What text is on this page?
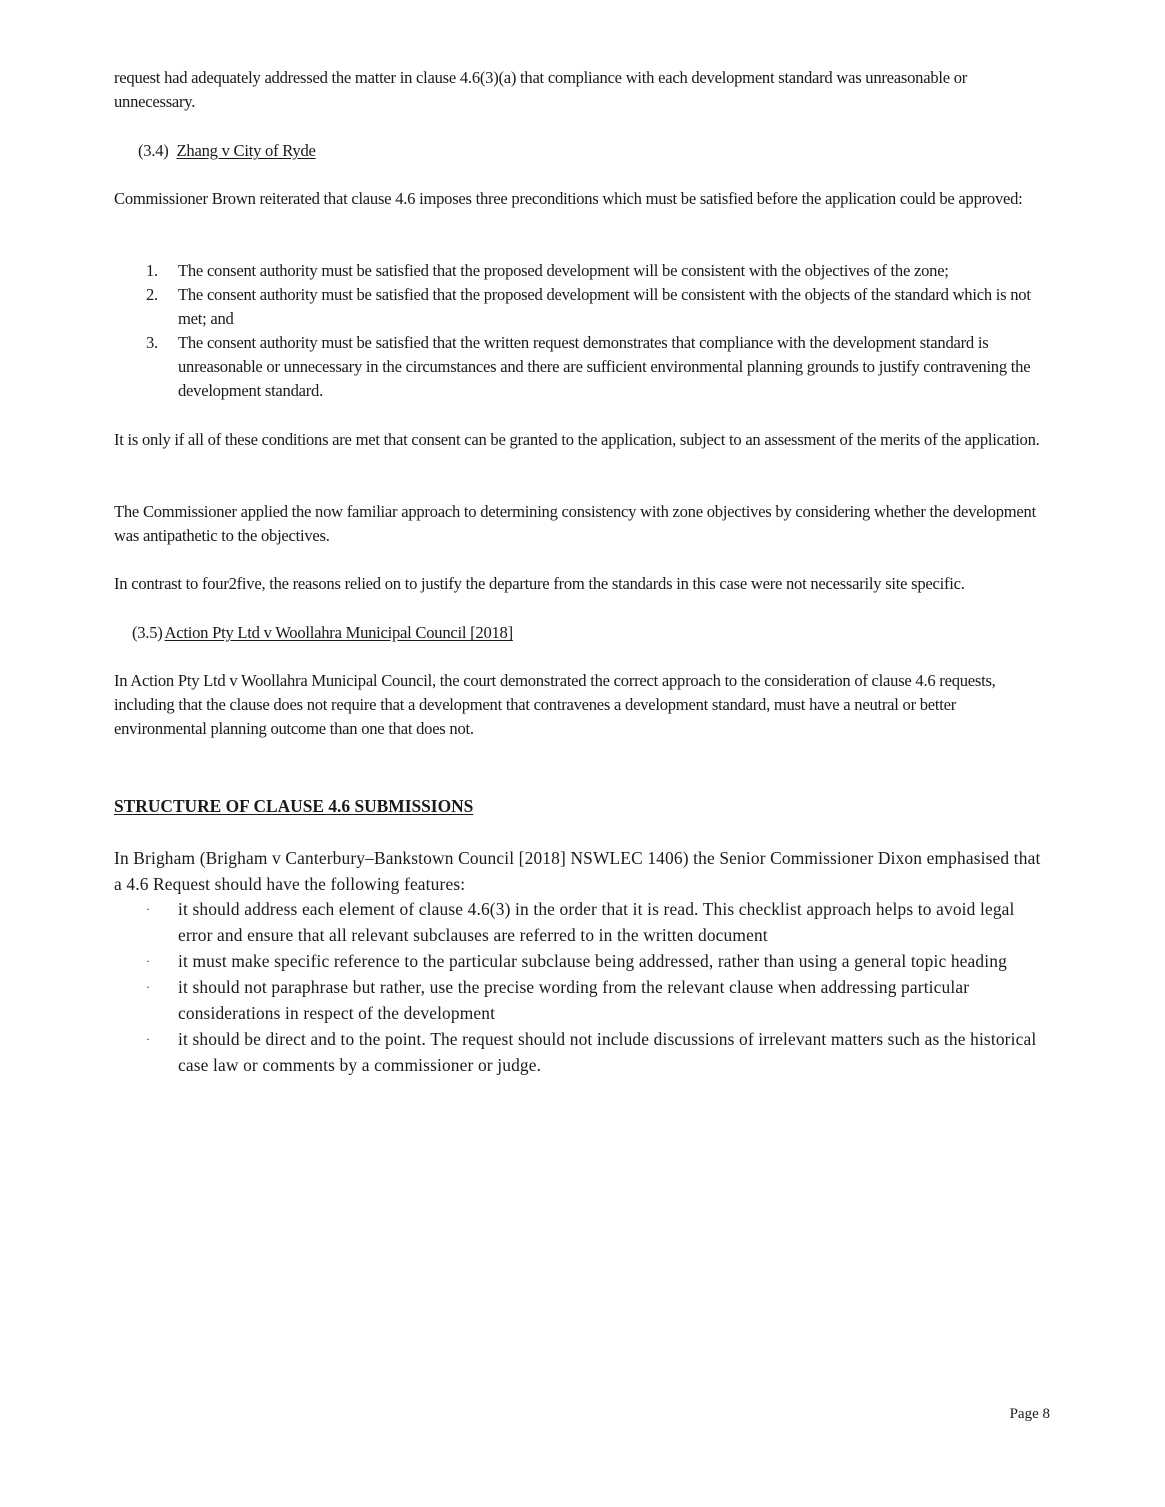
request had adequately addressed the matter in clause 4.6(3)(a) that compliance with each development standard was unreasonable or unnecessary.

(3.4) Zhang v City of Ryde

Commissioner Brown reiterated that clause 4.6 imposes three preconditions which must be satisfied before the application could be approved:

1. The consent authority must be satisfied that the proposed development will be consistent with the objectives of the zone;
2. The consent authority must be satisfied that the proposed development will be consistent with the objects of the standard which is not met; and
3. The consent authority must be satisfied that the written request demonstrates that compliance with the development standard is unreasonable or unnecessary in the circumstances and there are sufficient environmental planning grounds to justify contravening the development standard.

It is only if all of these conditions are met that consent can be granted to the application, subject to an assessment of the merits of the application.

The Commissioner applied the now familiar approach to determining consistency with zone objectives by considering whether the development was antipathetic to the objectives.

In contrast to four2five, the reasons relied on to justify the departure from the standards in this case were not necessarily site specific.

(3.5) Action Pty Ltd v Woollahra Municipal Council [2018]

In Action Pty Ltd v Woollahra Municipal Council, the court demonstrated the correct approach to the consideration of clause 4.6 requests, including that the clause does not require that a development that contravenes a development standard, must have a neutral or better environmental planning outcome than one that does not.

STRUCTURE OF CLAUSE 4.6 SUBMISSIONS

In Brigham (Brigham v Canterbury–Bankstown Council [2018] NSWLEC 1406) the Senior Commissioner Dixon emphasised that a 4.6 Request should have the following features:

· it should address each element of clause 4.6(3) in the order that it is read. This checklist approach helps to avoid legal error and ensure that all relevant subclauses are referred to in the written document
· it must make specific reference to the particular subclause being addressed, rather than using a general topic heading
· it should not paraphrase but rather, use the precise wording from the relevant clause when addressing particular considerations in respect of the development
· it should be direct and to the point. The request should not include discussions of irrelevant matters such as the historical case law or comments by a commissioner or judge.

Page 8
